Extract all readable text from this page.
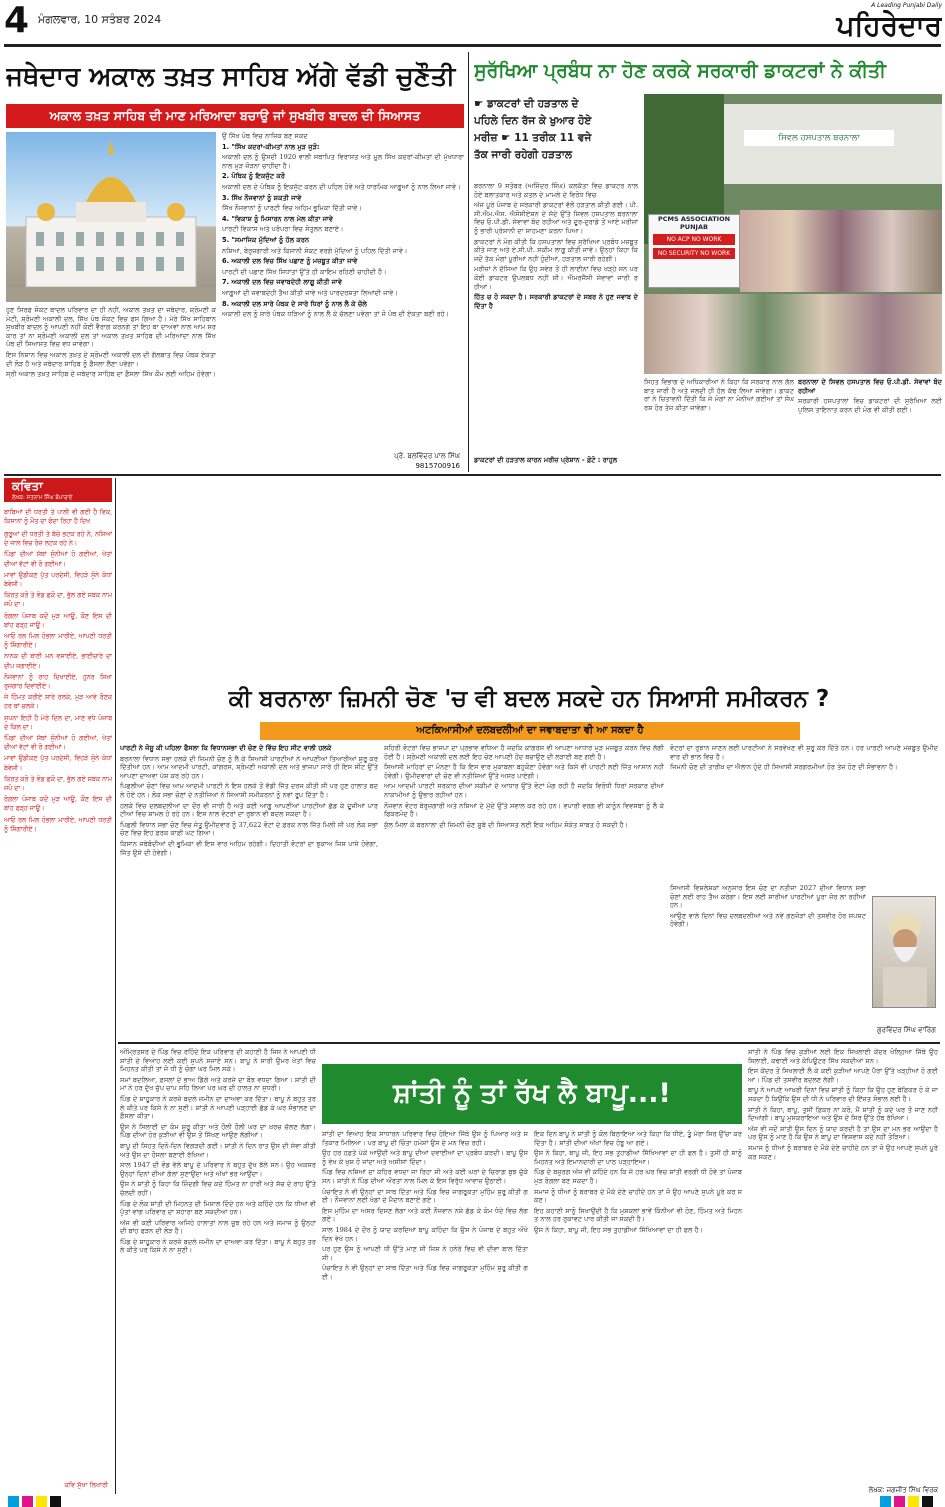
4 ਮੰਗਲਵਾਰ, 10 ਸਤੰਬਰ 2024
A Leading Punjabi Daily
ਪਹਿਰੇਦਾਰ
ਜਥੇਦਾਰ ਅਕਾਲ ਤਖ਼ਤ ਸਾਹਿਬ ਅੱਗੇ ਵੱਡੀ ਚੁਣੌਤੀ
ਅਕਾਲ ਤਖ਼ਤ ਸਾਹਿਬ ਦੀ ਮਾਣ ਮਰਿਆਦਾ ਬਚਾਉ ਜਾਂ ਸੁਖਬੀਰ ਬਾਦਲ ਦੀ ਸਿਆਸਤ

ਹੁਣ ਸਿਰਫ ਸੰਕਟ ਬਾਦਲ ਪਰਿਵਾਰ ਦਾ ਹੀ ਨਹੀਂ, ਅਕਾਲ ਤਖ਼ਤ ਦਾ ਜਥੇਦਾਰ, ਸ਼੍ਰੋਮਣੀ ਕਮੇਟੀ, ਸ਼੍ਰੋਮਣੀ ਅਕਾਲੀ ਦਲ, ਸਿੱਖ ਪੰਥ ਸੰਕਟ ਵਿਚ ਫਸ ਗਿਆ ਹੈ। ਮੇਰੇ ਸਿੱਖ ਸਾਹਿਬਾਨ ਸੁਖਬੀਰ ਬਾਦਲ ਨੂੰ ਆਪਣੀ ਨਹੀਂ ਕੋਈ ਵੈਰਾਗ ਕਰਨਗੇ ਤਾਂ ਇਹ ਬਾ ਦਾਅਵਾਂ ਨਾਲ ਆਮ ਸਰਕਾਰ ਤਾਂ ਨਾ ਸ਼੍ਰੋਮਣੀ ਅਕਾਲੀ ਦਲ ਤਾਂ ਅਕਾਲ ਤਖ਼ਤ ਸਾਹਿਬ ਦੀ ਮਰਿਆਦਾ ਨਾਲ ਸਿੱਖ ਪੰਥ ਦੀ ਸਿਆਸਤ ਵਿਚ ਵਧ ਜਾਵੇਗਾ।

ਇਸ ਨਿਸ਼ਾਨ ਵਿਚ ਅਕਾਲ ਤਖ਼ਤ ਦੇ ਸ਼੍ਰੋਮਣੀ ਅਕਾਲੀ ਦਲ ਦੀ ਗੱਲਬਾਤ ਵਿਚ ਪੰਥਕ ਏਕਤਾ ਦੀ ਲੋੜ ਹੈ ਅਤੇ ਜਥੇਦਾਰ ਸਾਹਿਬ ਨੂੰ ਫ਼ੈਸਲਾ ਲੈਣਾ ਪਵੇਗਾ।

ਸ੍ਰੀ ਅਕਾਲ ਤਖ਼ਤ ਸਾਹਿਬ ਦੇ ਜਥੇਦਾਰ ਸਾਹਿਬ ਦਾ ਫ਼ੈਸਲਾ ਸਿੱਖ ਕੌਮ ਲਈ ਅਹਿਮ ਹੋਵੇਗਾ।

ਉਂ ਸਿੱਖ ਪੰਥ ਵਿਚ ਨਾਜ਼ਿਕ ਬਣ ਸਕਦ

1. "ਸਿੱਖ ਕਦਰਾਂ-ਕੀਮਤਾਂ ਨਾਲ ਮੁੜ ਜੁੜੋ:

ਅਕਾਲੀ ਦਲ ਨੂੰ ਉਸਦੀ 1920 ਵਾਲੀ ਸਥਾਪਿਤ ਵਿਰਾਸਤ ਅਤੇ ਮੂਲ ਸਿੱਖ ਕਦਰਾਂ-ਕੀਮਤਾਂ ਦੀ ਮੁੱਖਧਾਰਾ ਨਾਲ ਮੁੜ ਜੋੜਨਾ ਚਾਹੀਦਾ ਹੈ।

2. ਪੰਥਿਕ ਨੂੰ ਇਕਜੁੱਟ ਕਰੋ

ਅਕਾਲੀ ਦਲ ਦੇ ਪੰਥਿਕ ਨੂੰ ਇਕਜੁੱਟ ਕਰਨ ਦੀ ਪਹਿਲ ਹੋਵੇ ਅਤੇ ਧਾਰਮਿਕ ਆਗੂਆਂ ਨੂੰ ਨਾਲ ਲਿਆ ਜਾਵੇ।

3. ਸਿੱਖ ਨੌਜਵਾਨਾਂ ਨੂੰ ਸ਼ਕਤੀ ਜਾਵੇ

ਸਿੱਖ ਨੌਜਵਾਨਾਂ ਨੂੰ ਪਾਰਟੀ ਵਿਚ ਅਹਿਮ ਭੂਮਿਕਾ ਦਿੱਤੀ ਜਾਵੇ।

4. "ਵਿਕਾਸ਼ ਨੂੰ ਮਿਸਾਰਨ ਨਾਲ ਮੇਲ ਕੀਤਾ ਜਾਵੇ

ਪਾਰਟੀ ਵਿਕਾਸ ਅਤੇ ਪਰੰਪਰਾ ਵਿਚ ਸੰਤੁਲਨ ਬਣਾਏ।

5. "ਸਮਾਜਿਕ ਮੁੱਦਿਆਂ ਨੂੰ ਹੱਲ ਕਰਨ

ਨਸ਼ਿਆਂ, ਬੇਰੁਜ਼ਗਾਰੀ ਅਤੇ ਕਿਸਾਨੀ ਸੰਕਟ ਵਰਗੇ ਮੁੱਦਿਆਂ ਨੂੰ ਪਹਿਲ ਦਿੱਤੀ ਜਾਵੇ।

6. ਅਕਾਲੀ ਦਲ ਵਿਚ ਸਿੱਖ ਪਛਾਣ ਨੂੰ ਮਜ਼ਬੂਤ ਕੀਤਾ ਜਾਵੇ

ਪਾਰਟੀ ਦੀ ਪਛਾਣ ਸਿੱਖ ਸਿਧਾਂਤਾਂ ਉੱਤੇ ਹੀ ਕਾਇਮ ਰਹਿਣੀ ਚਾਹੀਦੀ ਹੈ।

7. ਅਕਾਲੀ ਦਲ ਵਿਚ ਜਵਾਬਦੇਹੀ ਲਾਗੂ ਕੀਤੀ ਜਾਵੇ

ਆਗੂਆਂ ਦੀ ਜਵਾਬਦੇਹੀ ਤੈਅ ਕੀਤੀ ਜਾਵੇ ਅਤੇ ਪਾਰਦਰਸ਼ਤਾ ਲਿਆਂਦੀ ਜਾਵੇ।

8. ਅਕਾਲੀ ਦਲ ਸਾਰੇ ਪੰਥਕ ਦੇ ਸਾਰੇ ਧਿਰਾਂ ਨੂੰ ਨਾਲ ਲੈ ਕੇ ਚੱਲੇ

ਅਕਾਲੀ ਦਲ ਨੂੰ ਸਾਰੇ ਪੰਥਕ ਧੜਿਆਂ ਨੂੰ ਨਾਲ ਲੈ ਕੇ ਚੱਲਣਾ ਪਵੇਗਾ ਤਾਂ ਜੋ ਪੰਥ ਦੀ ਏਕਤਾ ਬਣੀ ਰਹੇ।

ਪ੍ਰੋ. ਬਲਵਿੰਦਰ ਪਾਲ ਸਿੰਘ
9815700916
ਸੁਰੱਖਿਆ ਪ੍ਰਬੰਧ ਨਾ ਹੋਣ ਕਰਕੇ ਸਰਕਾਰੀ ਡਾਕਟਰਾਂ ਨੇ ਕੀਤੀ
☛ ਡਾਕਟਰਾਂ ਦੀ ਹੜਤਾਲ ਦੇ
ਪਹਿਲੇ ਦਿਨ ਰੱਜ ਕੇ ਖੁਆਰ ਹੋਏ
ਮਰੀਜ਼ ☛ 11 ਤਰੀਕ 11 ਵਜੇ
ਤੱਕ ਜਾਰੀ ਰਹੇਗੀ ਹੜਤਾਲ
ਸਿਵਲ ਹਸਪਤਾਲ ਬਰਨਾਲਾ
PCMS ASSOCIATION
PUNJAB
NO ACP NO WORK
NO SECURITY NO WORK

ਬਰਨਾਲਾ 9 ਸਤੰਬਰ (ਅਜਿੰਦਰ ਸਿੰਘ) ਕਲਕੱਤਾ ਵਿਚ ਡਾਕਟਰ ਨਾਲ ਹੋਏ ਬਲਾਤਕਾਰ ਅਤੇ ਕਤਲ ਦੇ ਮਾਮਲੇ ਦੇ ਵਿਰੋਧ ਵਿਚ

ਅੱਜ ਪੂਰੇ ਪੰਜਾਬ ਦੇ ਸਰਕਾਰੀ ਡਾਕਟਰਾਂ ਵੱਲੋਂ ਹੜਤਾਲ ਕੀਤੀ ਗਈ। ਪੀ.ਸੀ.ਐਮ.ਐਸ. ਐਸੋਸੀਏਸ਼ਨ ਦੇ ਸੱਦੇ ਉੱਤੇ ਸਿਵਲ ਹਸਪਤਾਲ ਬਰਨਾਲਾ ਵਿਚ ਓ.ਪੀ.ਡੀ. ਸੇਵਾਵਾਂ ਬੰਦ ਰਹੀਆਂ ਅਤੇ ਦੂਰ-ਦੁਰਾਡੇ ਤੋਂ ਆਏ ਮਰੀਜ਼ਾਂ ਨੂੰ ਭਾਰੀ ਪ੍ਰੇਸ਼ਾਨੀ ਦਾ ਸਾਹਮਣਾ ਕਰਨਾ ਪਿਆ।

ਡਾਕਟਰਾਂ ਨੇ ਮੰਗ ਕੀਤੀ ਕਿ ਹਸਪਤਾਲਾਂ ਵਿਚ ਸੁਰੱਖਿਆ ਪ੍ਰਬੰਧ ਮਜ਼ਬੂਤ ਕੀਤੇ ਜਾਣ ਅਤੇ ਏ.ਸੀ.ਪੀ. ਸਕੀਮ ਲਾਗੂ ਕੀਤੀ ਜਾਵੇ। ਉਨ੍ਹਾਂ ਕਿਹਾ ਕਿ ਜਦੋਂ ਤੱਕ ਮੰਗਾਂ ਪੂਰੀਆਂ ਨਹੀਂ ਹੁੰਦੀਆਂ, ਹੜਤਾਲ ਜਾਰੀ ਰਹੇਗੀ।

ਮਰੀਜ਼ਾਂ ਨੇ ਦੱਸਿਆ ਕਿ ਉਹ ਸਵੇਰ ਤੋਂ ਹੀ ਲਾਈਨਾਂ ਵਿਚ ਖੜ੍ਹੇ ਸਨ ਪਰ ਕੋਈ ਡਾਕਟਰ ਉਪਲਬਧ ਨਹੀਂ ਸੀ। ਐਮਰਜੈਂਸੀ ਸੇਵਾਵਾਂ ਜਾਰੀ ਰਹੀਆਂ।

ਹਿੱਤ ਚ ਹੋ ਸਕਦਾ ਹੈ। ਸਰਕਾਰੀ ਡਾਕਟਰਾਂ ਦੇ ਸਬਰ ਨੇ ਹੁਣ ਜਵਾਬ ਦੇ ਦਿੱਤਾ ਹੈ

ਡਾਕਟਰਾਂ ਦੀ ਹੜਤਾਲ ਕਾਰਨ ਮਰੀਜ਼ ਪ੍ਰੇਸ਼ਾਨ - ਫ਼ੋਟੋ : ਰਾਹੁਲ

ਸਿਹਤ ਵਿਭਾਗ ਦੇ ਅਧਿਕਾਰੀਆਂ ਨੇ ਕਿਹਾ ਕਿ ਸਰਕਾਰ ਨਾਲ ਗੱਲਬਾਤ ਜਾਰੀ ਹੈ ਅਤੇ ਜਲਦੀ ਹੀ ਹੱਲ ਕੱਢ ਲਿਆ ਜਾਵੇਗਾ। ਡਾਕਟਰਾਂ ਨੇ ਚਿਤਾਵਨੀ ਦਿੱਤੀ ਕਿ ਜੇ ਮੰਗਾਂ ਨਾ ਮੰਨੀਆਂ ਗਈਆਂ ਤਾਂ ਸੰਘਰਸ਼ ਹੋਰ ਤੇਜ਼ ਕੀਤਾ ਜਾਵੇਗਾ।

ਬਰਨਾਲਾ ਦੇ ਸਿਵਲ ਹਸਪਤਾਲ ਵਿਚ ਓ.ਪੀ.ਡੀ. ਸੇਵਾਵਾਂ ਬੰਦ ਰਹੀਆਂ

ਸਰਕਾਰੀ ਹਸਪਤਾਲਾਂ ਵਿਚ ਡਾਕਟਰਾਂ ਦੀ ਸੁਰੱਖਿਆ ਲਈ ਪੁਲਿਸ ਤਾਇਨਾਤ ਕਰਨ ਦੀ ਮੰਗ ਵੀ ਕੀਤੀ ਗਈ।

ਕਵਿਤਾ
ਲੇਖਕ: ਸਤਨਾਮ ਸਿੰਘ ਬੋਪਾਰਾਏ
ਬਾਬਿਆਂ ਦੀ ਧਰਤੀ ਤੇ ਪਾਲੀ ਵੀ ਗਈ ਹੈ ਵਿਕ, ਕਿਸਾਨਾਂ ਨੂੰ ਮੌਤ ਦਾ ਫੰਦਾ ਰਿਹਾ ਹੈ ਦਿਖ

ਗੁਰੂਆਂ ਦੀ ਧਰਤੀ ਤੇ ਬੱਚੇ ਭਟਕ ਰਹੇ ਨੇ, ਨਸ਼ਿਆਂ ਦੇ ਜਾਲ ਵਿਚ ਰੋਜ਼ ਲਟਕ ਰਹੇ ਨੇ।

ਪਿੰਡਾਂ ਦੀਆਂ ਸੱਥਾਂ ਸੁੰਨੀਆਂ ਹੋ ਗਈਆਂ, ਖੇਤਾਂ ਦੀਆਂ ਵੱਟਾਂ ਵੀ ਰੋ ਗਈਆਂ।

ਮਾਵਾਂ ਉਡੀਕਣ ਪੁੱਤ ਪਰਦੇਸੀ, ਵਿਹੜੇ ਸੁੰਨੇ ਕੰਧਾਂ ਬੇਵੇਸੀ।

ਕਿਰਤ ਕਰੋ ਤੇ ਵੰਡ ਛਕੋ ਦਾ, ਭੁੱਲ ਗਏ ਸਬਕ ਨਾਮ ਜਪੋ ਦਾ।

ਰੰਗਲਾ ਪੰਜਾਬ ਕਦੋਂ ਮੁੜ ਆਊ, ਕੌਣ ਇਸ ਦੀ ਬਾਂਹ ਫੜ੍ਹ ਜਾਊ।

ਆਓ ਰਲ ਮਿਲ ਹੰਭਲਾ ਮਾਰੀਏ, ਆਪਣੀ ਧਰਤੀ ਨੂੰ ਸ਼ਿੰਗਾਰੀਏ।

ਨਾਨਕ ਦੀ ਬਾਣੀ ਮਨ ਵਸਾਈਏ, ਭਾਈਚਾਰੇ ਦਾ ਦੀਪ ਜਗਾਈਏ।

ਨੌਜਵਾਨਾਂ ਨੂੰ ਰਾਹ ਦਿਖਾਈਏ, ਹੁਨਰ ਸਿਖਾ ਰੁਜ਼ਗਾਰ ਦਿਵਾਈਏ।

ਜੇ ਹਿੰਮਤ ਕਰੀਏ ਸਾਰੇ ਰਲਕੇ, ਮੁੜ ਆਵੇ ਰੌਣਕ ਹਰ ਥਾਂ ਚਲਕੇ।

ਸੁਪਨਾ ਇਹੀ ਹੈ ਮੇਰੇ ਦਿਲ ਦਾ, ਮਾਣ ਵਧੇ ਪੰਜਾਬ ਦੇ ਕਿਲ ਦਾ।

ਪਿੰਡਾਂ ਦੀਆਂ ਸੱਥਾਂ ਸੁੰਨੀਆਂ ਹੋ ਗਈਆਂ, ਖੇਤਾਂ ਦੀਆਂ ਵੱਟਾਂ ਵੀ ਰੋ ਗਈਆਂ।

ਮਾਵਾਂ ਉਡੀਕਣ ਪੁੱਤ ਪਰਦੇਸੀ, ਵਿਹੜੇ ਸੁੰਨੇ ਕੰਧਾਂ ਬੇਵੇਸੀ।

ਕਿਰਤ ਕਰੋ ਤੇ ਵੰਡ ਛਕੋ ਦਾ, ਭੁੱਲ ਗਏ ਸਬਕ ਨਾਮ ਜਪੋ ਦਾ।

ਰੰਗਲਾ ਪੰਜਾਬ ਕਦੋਂ ਮੁੜ ਆਊ, ਕੌਣ ਇਸ ਦੀ ਬਾਂਹ ਫੜ੍ਹ ਜਾਊ।

ਆਓ ਰਲ ਮਿਲ ਹੰਭਲਾ ਮਾਰੀਏ, ਆਪਣੀ ਧਰਤੀ ਨੂੰ ਸ਼ਿੰਗਾਰੀਏ।

ਕਵਿ ਸੁੱਖਾ ਲਿਖਾਰੀ
ਕੀ ਬਰਨਾਲਾ ਜ਼ਿਮਨੀ ਚੋਣ 'ਚ ਵੀ ਬਦਲ ਸਕਦੇ ਹਨ ਸਿਆਸੀ ਸਮੀਕਰਨ ?
ਅਟਕਿਆਸੀਆਂ ਦਲਬਦਲੀਆਂ ਦਾ ਜਵਾਬਦਾਤਾ ਵੀ ਆ ਸਕਦਾ ਹੈ

ਪਾਰਟੀ ਨੇ ਜੋਸੂ ਕੀ ਪਹਿਲਾ ਫੈਸਲਾ ਕਿ ਵਿਧਾਨਸਭਾ ਦੀ ਚੋਣ ਦੇ ਵਿੱਚ ਇਹ ਸੀਟ ਵਾਲੀ ਹਲਕੇ

ਬਰਨਾਲਾ ਵਿਧਾਨ ਸਭਾ ਹਲਕੇ ਦੀ ਜ਼ਿਮਨੀ ਚੋਣ ਨੂੰ ਲੈ ਕੇ ਸਿਆਸੀ ਪਾਰਟੀਆਂ ਨੇ ਆਪਣੀਆਂ ਤਿਆਰੀਆਂ ਸ਼ੁਰੂ ਕਰ ਦਿੱਤੀਆਂ ਹਨ। ਆਮ ਆਦਮੀ ਪਾਰਟੀ, ਕਾਂਗਰਸ, ਸ਼੍ਰੋਮਣੀ ਅਕਾਲੀ ਦਲ ਅਤੇ ਭਾਜਪਾ ਸਾਰੇ ਹੀ ਇਸ ਸੀਟ ਉੱਤੇ ਆਪਣਾ ਦਾਅਵਾ ਪੇਸ਼ ਕਰ ਰਹੇ ਹਨ।

ਪਿਛਲੀਆਂ ਚੋਣਾਂ ਵਿਚ ਆਮ ਆਦਮੀ ਪਾਰਟੀ ਨੇ ਇਸ ਹਲਕੇ ਤੋਂ ਵੱਡੀ ਜਿੱਤ ਦਰਜ ਕੀਤੀ ਸੀ ਪਰ ਹੁਣ ਹਾਲਾਤ ਬਦਲੇ ਹੋਏ ਹਨ। ਲੋਕ ਸਭਾ ਚੋਣਾਂ ਦੇ ਨਤੀਜਿਆਂ ਨੇ ਸਿਆਸੀ ਸਮੀਕਰਨਾਂ ਨੂੰ ਨਵਾਂ ਰੂਪ ਦਿੱਤਾ ਹੈ।

ਹਲਕੇ ਵਿਚ ਦਲਬਦਲੀਆਂ ਦਾ ਦੌਰ ਵੀ ਜਾਰੀ ਹੈ ਅਤੇ ਕਈ ਆਗੂ ਆਪਣੀਆਂ ਪਾਰਟੀਆਂ ਛੱਡ ਕੇ ਦੂਜੀਆਂ ਪਾਰਟੀਆਂ ਵਿਚ ਸ਼ਾਮਲ ਹੋ ਰਹੇ ਹਨ। ਇਸ ਨਾਲ ਵੋਟਰਾਂ ਦਾ ਰੁਝਾਨ ਵੀ ਬਦਲ ਸਕਦਾ ਹੈ।

ਪਿਛਲੀ ਵਿਧਾਨ ਸਭਾ ਚੋਣ ਵਿਚ ਜੇਤੂ ਉਮੀਦਵਾਰ ਨੂੰ 37,622 ਵੋਟਾਂ ਦੇ ਫ਼ਰਕ ਨਾਲ ਜਿੱਤ ਮਿਲੀ ਸੀ ਪਰ ਲੋਕ ਸਭਾ ਚੋਣ ਵਿਚ ਇਹ ਫ਼ਰਕ ਕਾਫ਼ੀ ਘਟ ਗਿਆ।

ਕਿਸਾਨ ਜਥੇਬੰਦੀਆਂ ਦੀ ਭੂਮਿਕਾ ਵੀ ਇਸ ਵਾਰ ਅਹਿਮ ਰਹੇਗੀ। ਦਿਹਾਤੀ ਵੋਟਰਾਂ ਦਾ ਝੁਕਾਅ ਜਿਸ ਪਾਸੇ ਹੋਵੇਗਾ, ਜਿੱਤ ਉਸੇ ਦੀ ਹੋਵੇਗੀ।

ਸ਼ਹਿਰੀ ਵੋਟਰਾਂ ਵਿਚ ਭਾਜਪਾ ਦਾ ਪ੍ਰਭਾਵ ਵਧਿਆ ਹੈ ਜਦਕਿ ਕਾਂਗਰਸ ਵੀ ਆਪਣਾ ਆਧਾਰ ਮੁੜ ਮਜ਼ਬੂਤ ਕਰਨ ਵਿਚ ਲੱਗੀ ਹੋਈ ਹੈ। ਸ਼੍ਰੋਮਣੀ ਅਕਾਲੀ ਦਲ ਲਈ ਇਹ ਚੋਣ ਆਪਣੀ ਹੋਂਦ ਬਚਾਉਣ ਦੀ ਲੜਾਈ ਬਣ ਗਈ ਹੈ।

ਸਿਆਸੀ ਮਾਹਿਰਾਂ ਦਾ ਮੰਨਣਾ ਹੈ ਕਿ ਇਸ ਵਾਰ ਮੁਕਾਬਲਾ ਬਹੁਕੋਣਾ ਹੋਵੇਗਾ ਅਤੇ ਕਿਸੇ ਵੀ ਪਾਰਟੀ ਲਈ ਜਿੱਤ ਆਸਾਨ ਨਹੀਂ ਹੋਵੇਗੀ। ਉਮੀਦਵਾਰਾਂ ਦੀ ਚੋਣ ਵੀ ਨਤੀਜਿਆਂ ਉੱਤੇ ਅਸਰ ਪਾਏਗੀ।

ਆਮ ਆਦਮੀ ਪਾਰਟੀ ਸਰਕਾਰ ਦੀਆਂ ਸਕੀਮਾਂ ਦੇ ਆਧਾਰ ਉੱਤੇ ਵੋਟਾਂ ਮੰਗ ਰਹੀ ਹੈ ਜਦਕਿ ਵਿਰੋਧੀ ਧਿਰਾਂ ਸਰਕਾਰ ਦੀਆਂ ਨਾਕਾਮੀਆਂ ਨੂੰ ਉਭਾਰ ਰਹੀਆਂ ਹਨ।

ਨੌਜਵਾਨ ਵੋਟਰ ਬੇਰੁਜ਼ਗਾਰੀ ਅਤੇ ਨਸ਼ਿਆਂ ਦੇ ਮੁੱਦੇ ਉੱਤੇ ਸਵਾਲ ਕਰ ਰਹੇ ਹਨ। ਵਪਾਰੀ ਵਰਗ ਵੀ ਕਾਨੂੰਨ ਵਿਵਸਥਾ ਨੂੰ ਲੈ ਕੇ ਫਿਕਰਮੰਦ ਹੈ।

ਕੁੱਲ ਮਿਲਾ ਕੇ ਬਰਨਾਲਾ ਦੀ ਜ਼ਿਮਨੀ ਚੋਣ ਸੂਬੇ ਦੀ ਸਿਆਸਤ ਲਈ ਇਕ ਅਹਿਮ ਸੰਕੇਤ ਸਾਬਤ ਹੋ ਸਕਦੀ ਹੈ।

ਵੋਟਰਾਂ ਦਾ ਰੁਝਾਨ ਜਾਣਨ ਲਈ ਪਾਰਟੀਆਂ ਨੇ ਸਰਵੇਖਣ ਵੀ ਸ਼ੁਰੂ ਕਰ ਦਿੱਤੇ ਹਨ। ਹਰ ਪਾਰਟੀ ਆਪਣੇ ਮਜ਼ਬੂਤ ਉਮੀਦਵਾਰ ਦੀ ਭਾਲ ਵਿਚ ਹੈ।

ਜ਼ਿਮਨੀ ਚੋਣ ਦੀ ਤਾਰੀਖ਼ ਦਾ ਐਲਾਨ ਹੁੰਦੇ ਹੀ ਸਿਆਸੀ ਸਰਗਰਮੀਆਂ ਹੋਰ ਤੇਜ਼ ਹੋਣ ਦੀ ਸੰਭਾਵਨਾ ਹੈ।

ਸਿਆਸੀ ਵਿਸ਼ਲੇਸ਼ਕਾਂ ਅਨੁਸਾਰ ਇਸ ਚੋਣ ਦਾ ਨਤੀਜਾ 2027 ਦੀਆਂ ਵਿਧਾਨ ਸਭਾ ਚੋਣਾਂ ਲਈ ਰਾਹ ਤੈਅ ਕਰੇਗਾ। ਇਸ ਲਈ ਸਾਰੀਆਂ ਪਾਰਟੀਆਂ ਪੂਰਾ ਜ਼ੋਰ ਲਾ ਰਹੀਆਂ ਹਨ।

ਆਉਣ ਵਾਲੇ ਦਿਨਾਂ ਵਿਚ ਦਲਬਦਲੀਆਂ ਅਤੇ ਨਵੇਂ ਗਠਜੋੜਾਂ ਦੀ ਤਸਵੀਰ ਹੋਰ ਸਪਸ਼ਟ ਹੋਵੇਗੀ।

ਗੁਰਵਿੰਦਰ ਸਿੰਘ ਵਾਰਿੰਗ

ਅੰਮ੍ਰਿਤਸਰ ਦੇ ਪਿੰਡ ਵਿਚ ਰਹਿੰਦੇ ਇਕ ਪਰਿਵਾਰ ਦੀ ਕਹਾਣੀ ਹੈ ਜਿਸ ਨੇ ਆਪਣੀ ਧੀ ਸ਼ਾਂਤੀ ਦੇ ਵਿਆਹ ਲਈ ਕਈ ਸੁਪਨੇ ਸਜਾਏ ਸਨ। ਬਾਪੂ ਨੇ ਸਾਰੀ ਉਮਰ ਖੇਤਾਂ ਵਿਚ ਮਿਹਨਤ ਕੀਤੀ ਤਾਂ ਜੋ ਧੀ ਨੂੰ ਚੰਗਾ ਘਰ ਮਿਲ ਸਕੇ।

ਸਮਾਂ ਬਦਲਿਆ, ਫ਼ਸਲਾਂ ਦੇ ਭਾਅ ਡਿੱਗੇ ਅਤੇ ਕਰਜ਼ੇ ਦਾ ਬੋਝ ਵਧਦਾ ਗਿਆ। ਸ਼ਾਂਤੀ ਦੀ ਮਾਂ ਨੇ ਹਰ ਦੁੱਖ ਚੁੱਪ ਚਾਪ ਸਹਿ ਲਿਆ ਪਰ ਘਰ ਦੀ ਹਾਲਤ ਨਾ ਸੁਧਰੀ।

ਪਿੰਡ ਦੇ ਸ਼ਾਹੂਕਾਰ ਨੇ ਕਰਜ਼ੇ ਬਦਲੇ ਜ਼ਮੀਨ ਦਾ ਦਾਅਵਾ ਕਰ ਦਿੱਤਾ। ਬਾਪੂ ਨੇ ਬਹੁਤ ਤਰਲੇ ਕੀਤੇ ਪਰ ਕਿਸੇ ਨੇ ਨਾ ਸੁਣੀ। ਸ਼ਾਂਤੀ ਨੇ ਆਪਣੀ ਪੜ੍ਹਾਈ ਛੱਡ ਕੇ ਘਰ ਸੰਭਾਲਣ ਦਾ ਫ਼ੈਸਲਾ ਕੀਤਾ।

ਉਸ ਨੇ ਸਿਲਾਈ ਦਾ ਕੰਮ ਸ਼ੁਰੂ ਕੀਤਾ ਅਤੇ ਹੌਲੀ ਹੌਲੀ ਘਰ ਦਾ ਖ਼ਰਚ ਚੱਲਣ ਲੱਗਾ। ਪਿੰਡ ਦੀਆਂ ਹੋਰ ਕੁੜੀਆਂ ਵੀ ਉਸ ਤੋਂ ਸਿੱਖਣ ਆਉਣ ਲੱਗੀਆਂ।

ਬਾਪੂ ਦੀ ਸਿਹਤ ਦਿਨੋ-ਦਿਨ ਵਿਗੜਦੀ ਗਈ। ਸ਼ਾਂਤੀ ਨੇ ਦਿਨ ਰਾਤ ਉਸ ਦੀ ਸੇਵਾ ਕੀਤੀ ਅਤੇ ਉਸ ਦਾ ਹੌਸਲਾ ਬਣਾਈ ਰੱਖਿਆ।

ਸਾਲ 1947 ਦੀ ਵੰਡ ਵੇਲੇ ਬਾਪੂ ਦੇ ਪਰਿਵਾਰ ਨੇ ਬਹੁਤ ਦੁੱਖ ਝੱਲੇ ਸਨ। ਉਹ ਅਕਸਰ ਉਨ੍ਹਾਂ ਦਿਨਾਂ ਦੀਆਂ ਗੱਲਾਂ ਸੁਣਾਉਂਦਾ ਅਤੇ ਅੱਖਾਂ ਭਰ ਆਉਂਦਾ।

ਉਸ ਨੇ ਸ਼ਾਂਤੀ ਨੂੰ ਕਿਹਾ ਕਿ ਜ਼ਿੰਦਗੀ ਵਿਚ ਕਦੇ ਹਿੰਮਤ ਨਾ ਹਾਰੀਂ ਅਤੇ ਸੱਚ ਦੇ ਰਾਹ ਉੱਤੇ ਚੱਲਦੀ ਰਹੀਂ।

ਪਿੰਡ ਦੇ ਲੋਕ ਸ਼ਾਂਤੀ ਦੀ ਮਿਹਨਤ ਦੀ ਮਿਸਾਲ ਦਿੰਦੇ ਹਨ ਅਤੇ ਕਹਿੰਦੇ ਹਨ ਕਿ ਧੀਆਂ ਵੀ ਪੁੱਤਾਂ ਵਾਂਗ ਪਰਿਵਾਰ ਦਾ ਸਹਾਰਾ ਬਣ ਸਕਦੀਆਂ ਹਨ।

ਅੱਜ ਵੀ ਕਈ ਪਰਿਵਾਰ ਅਜਿਹੇ ਹਾਲਾਤਾਂ ਨਾਲ ਜੂਝ ਰਹੇ ਹਨ ਅਤੇ ਸਮਾਜ ਨੂੰ ਉਨ੍ਹਾਂ ਦੀ ਬਾਂਹ ਫੜਨ ਦੀ ਲੋੜ ਹੈ।

ਪਿੰਡ ਦੇ ਸ਼ਾਹੂਕਾਰ ਨੇ ਕਰਜ਼ੇ ਬਦਲੇ ਜ਼ਮੀਨ ਦਾ ਦਾਅਵਾ ਕਰ ਦਿੱਤਾ। ਬਾਪੂ ਨੇ ਬਹੁਤ ਤਰਲੇ ਕੀਤੇ ਪਰ ਕਿਸੇ ਨੇ ਨਾ ਸੁਣੀ।

ਸ਼ਾਂਤੀ ਨੂੰ ਤਾਂ ਰੱਖ ਲੈ ਬਾਪੂ...!

ਸ਼ਾਂਤੀ ਦਾ ਵਿਆਹ ਇਕ ਸਾਧਾਰਨ ਪਰਿਵਾਰ ਵਿਚ ਹੋਇਆ ਜਿੱਥੇ ਉਸ ਨੂੰ ਪਿਆਰ ਅਤੇ ਸਤਿਕਾਰ ਮਿਲਿਆ। ਪਰ ਬਾਪੂ ਦੀ ਚਿੰਤਾ ਹਮੇਸ਼ਾਂ ਉਸ ਦੇ ਮਨ ਵਿਚ ਰਹੀ।

ਉਹ ਹਰ ਹਫ਼ਤੇ ਪੇਕੇ ਆਉਂਦੀ ਅਤੇ ਬਾਪੂ ਦੀਆਂ ਦਵਾਈਆਂ ਦਾ ਪ੍ਰਬੰਧ ਕਰਦੀ। ਬਾਪੂ ਉਸ ਨੂੰ ਵੇਖ ਕੇ ਖ਼ੁਸ਼ ਹੋ ਜਾਂਦਾ ਅਤੇ ਅਸੀਸਾਂ ਦਿੰਦਾ।

ਪਿੰਡ ਵਿਚ ਨਸ਼ਿਆਂ ਦਾ ਕਹਿਰ ਵਧਦਾ ਜਾ ਰਿਹਾ ਸੀ ਅਤੇ ਕਈ ਘਰਾਂ ਦੇ ਚਿਰਾਗ਼ ਬੁਝ ਚੁੱਕੇ ਸਨ। ਸ਼ਾਂਤੀ ਨੇ ਪਿੰਡ ਦੀਆਂ ਔਰਤਾਂ ਨਾਲ ਮਿਲ ਕੇ ਇਸ ਵਿਰੁੱਧ ਆਵਾਜ਼ ਉਠਾਈ।

ਪੰਚਾਇਤ ਨੇ ਵੀ ਉਨ੍ਹਾਂ ਦਾ ਸਾਥ ਦਿੱਤਾ ਅਤੇ ਪਿੰਡ ਵਿਚ ਜਾਗਰੂਕਤਾ ਮੁਹਿੰਮ ਸ਼ੁਰੂ ਕੀਤੀ ਗਈ। ਨੌਜਵਾਨਾਂ ਲਈ ਖੇਡਾਂ ਦੇ ਮੈਦਾਨ ਬਣਾਏ ਗਏ।

ਇਸ ਮੁਹਿੰਮ ਦਾ ਅਸਰ ਦਿਸਣ ਲੱਗਾ ਅਤੇ ਕਈ ਨੌਜਵਾਨ ਨਸ਼ੇ ਛੱਡ ਕੇ ਕੰਮ ਧੰਦੇ ਵਿਚ ਲੱਗ ਗਏ।

ਸਾਲ 1984 ਦੇ ਦੌਰ ਨੂੰ ਯਾਦ ਕਰਦਿਆਂ ਬਾਪੂ ਕਹਿੰਦਾ ਕਿ ਉਸ ਨੇ ਪੰਜਾਬ ਦੇ ਬਹੁਤ ਔਖੇ ਦਿਨ ਵੇਖੇ ਹਨ।

ਪਰ ਹੁਣ ਉਸ ਨੂੰ ਆਪਣੀ ਧੀ ਉੱਤੇ ਮਾਣ ਸੀ ਜਿਸ ਨੇ ਹਨੇਰੇ ਵਿਚ ਵੀ ਦੀਵਾ ਬਾਲ ਦਿੱਤਾ ਸੀ।

ਪੰਚਾਇਤ ਨੇ ਵੀ ਉਨ੍ਹਾਂ ਦਾ ਸਾਥ ਦਿੱਤਾ ਅਤੇ ਪਿੰਡ ਵਿਚ ਜਾਗਰੂਕਤਾ ਮੁਹਿੰਮ ਸ਼ੁਰੂ ਕੀਤੀ ਗਈ।

ਇਕ ਦਿਨ ਬਾਪੂ ਨੇ ਸ਼ਾਂਤੀ ਨੂੰ ਕੋਲ ਬਿਠਾਇਆ ਅਤੇ ਕਿਹਾ ਕਿ ਧੀਏ, ਤੂੰ ਮੇਰਾ ਸਿਰ ਉੱਚਾ ਕਰ ਦਿੱਤਾ ਹੈ। ਸ਼ਾਂਤੀ ਦੀਆਂ ਅੱਖਾਂ ਵਿਚ ਹੰਝੂ ਆ ਗਏ।

ਉਸ ਨੇ ਕਿਹਾ, ਬਾਪੂ ਜੀ, ਇਹ ਸਭ ਤੁਹਾਡੀਆਂ ਸਿੱਖਿਆਵਾਂ ਦਾ ਹੀ ਫਲ ਹੈ। ਤੁਸੀਂ ਹੀ ਸਾਨੂੰ ਮਿਹਨਤ ਅਤੇ ਇਮਾਨਦਾਰੀ ਦਾ ਪਾਠ ਪੜ੍ਹਾਇਆ।

ਪਿੰਡ ਦੇ ਬਜ਼ੁਰਗ ਅੱਜ ਵੀ ਕਹਿੰਦੇ ਹਨ ਕਿ ਜੇ ਹਰ ਘਰ ਵਿਚ ਸ਼ਾਂਤੀ ਵਰਗੀ ਧੀ ਹੋਵੇ ਤਾਂ ਪੰਜਾਬ ਮੁੜ ਰੰਗਲਾ ਬਣ ਸਕਦਾ ਹੈ।

ਸਮਾਜ ਨੂੰ ਧੀਆਂ ਨੂੰ ਬਰਾਬਰ ਦੇ ਮੌਕੇ ਦੇਣੇ ਚਾਹੀਦੇ ਹਨ ਤਾਂ ਜੋ ਉਹ ਆਪਣੇ ਸੁਪਨੇ ਪੂਰੇ ਕਰ ਸਕਣ।

ਇਹ ਕਹਾਣੀ ਸਾਨੂੰ ਸਿਖਾਉਂਦੀ ਹੈ ਕਿ ਮੁਸ਼ਕਲਾਂ ਭਾਵੇਂ ਕਿੰਨੀਆਂ ਵੀ ਹੋਣ, ਹਿੰਮਤ ਅਤੇ ਮਿਹਨਤ ਨਾਲ ਹਰ ਰੁਕਾਵਟ ਪਾਰ ਕੀਤੀ ਜਾ ਸਕਦੀ ਹੈ।

ਉਸ ਨੇ ਕਿਹਾ, ਬਾਪੂ ਜੀ, ਇਹ ਸਭ ਤੁਹਾਡੀਆਂ ਸਿੱਖਿਆਵਾਂ ਦਾ ਹੀ ਫਲ ਹੈ।

ਸ਼ਾਂਤੀ ਨੇ ਪਿੰਡ ਵਿਚ ਕੁੜੀਆਂ ਲਈ ਇਕ ਸਿਖਲਾਈ ਕੇਂਦਰ ਖੋਲ੍ਹਿਆ ਜਿੱਥੇ ਉਹ ਸਿਲਾਈ, ਕਢਾਈ ਅਤੇ ਕੰਪਿਊਟਰ ਸਿੱਖ ਸਕਦੀਆਂ ਸਨ।

ਇਸ ਕੇਂਦਰ ਤੋਂ ਸਿਖਲਾਈ ਲੈ ਕੇ ਕਈ ਕੁੜੀਆਂ ਆਪਣੇ ਪੈਰਾਂ ਉੱਤੇ ਖੜ੍ਹੀਆਂ ਹੋ ਗਈਆਂ। ਪਿੰਡ ਦੀ ਤਸਵੀਰ ਬਦਲਣ ਲੱਗੀ।

ਬਾਪੂ ਨੇ ਆਪਣੇ ਆਖ਼ਰੀ ਦਿਨਾਂ ਵਿਚ ਸ਼ਾਂਤੀ ਨੂੰ ਕਿਹਾ ਕਿ ਉਹ ਹੁਣ ਬੇਫ਼ਿਕਰ ਹੋ ਕੇ ਜਾ ਸਕਦਾ ਹੈ ਕਿਉਂਕਿ ਉਸ ਦੀ ਧੀ ਨੇ ਪਰਿਵਾਰ ਦੀ ਇੱਜ਼ਤ ਸੰਭਾਲ ਲਈ ਹੈ।

ਸ਼ਾਂਤੀ ਨੇ ਕਿਹਾ, ਬਾਪੂ, ਤੁਸੀਂ ਫ਼ਿਕਰ ਨਾ ਕਰੋ, ਮੈਂ ਸ਼ਾਂਤੀ ਨੂੰ ਕਦੇ ਘਰ ਤੋਂ ਜਾਣ ਨਹੀਂ ਦਿਆਂਗੀ। ਬਾਪੂ ਮੁਸਕਰਾਇਆ ਅਤੇ ਉਸ ਦੇ ਸਿਰ ਉੱਤੇ ਹੱਥ ਰੱਖਿਆ।

ਅੱਜ ਵੀ ਜਦੋਂ ਸ਼ਾਂਤੀ ਉਸ ਦਿਨ ਨੂੰ ਯਾਦ ਕਰਦੀ ਹੈ ਤਾਂ ਉਸ ਦਾ ਮਨ ਭਰ ਆਉਂਦਾ ਹੈ ਪਰ ਉਸ ਨੂੰ ਮਾਣ ਹੈ ਕਿ ਉਸ ਨੇ ਬਾਪੂ ਦਾ ਵਿਸ਼ਵਾਸ ਕਦੇ ਨਹੀਂ ਤੋੜਿਆ।

ਸਮਾਜ ਨੂੰ ਧੀਆਂ ਨੂੰ ਬਰਾਬਰ ਦੇ ਮੌਕੇ ਦੇਣੇ ਚਾਹੀਦੇ ਹਨ ਤਾਂ ਜੋ ਉਹ ਆਪਣੇ ਸੁਪਨੇ ਪੂਰੇ ਕਰ ਸਕਣ।

ਲੇਖਕ: ਜਗਜੀਤ ਸਿੰਘ ਵਿਰਕ
